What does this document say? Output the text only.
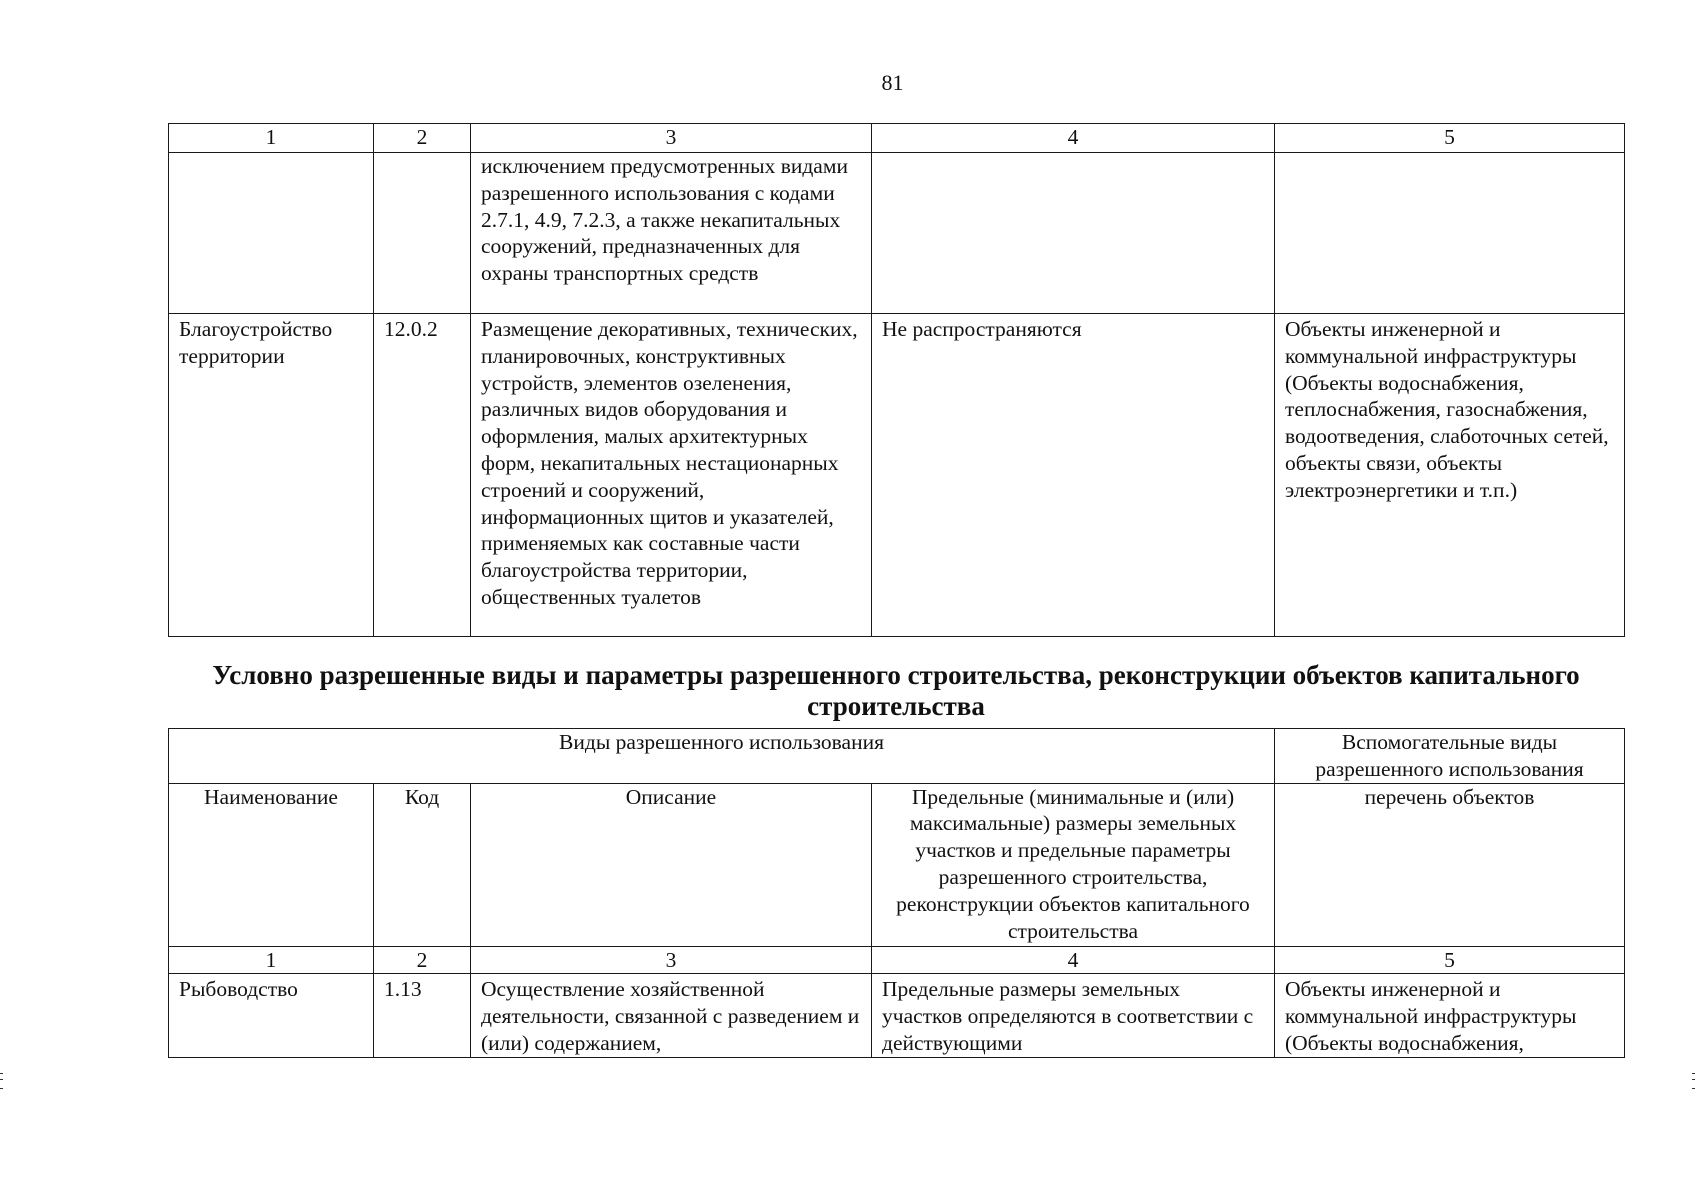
81
1	2	3	4	5
		исключением предусмотренных видами разрешенного использования с кодами 2.7.1, 4.9, 7.2.3, а также некапитальных сооружений, предназначенных для охраны транспортных средств		
Благоустройство территории	12.0.2	Размещение декоративных, технических, планировочных, конструктивных устройств, элементов озеленения, различных видов оборудования и оформления, малых архитектурных форм, некапитальных нестационарных строений и сооружений, информационных щитов и указателей, применяемых как составные части благоустройства территории, общественных туалетов	Не распространяются	Объекты инженерной и коммунальной инфраструктуры (Объекты водоснабжения, теплоснабжения, газоснабжения, водоотведения, слаботочных сетей, объекты связи, объекты электроэнергетики и т.п.)
Условно разрешенные виды и параметры разрешенного строительства, реконструкции объектов капитального строительства
Виды разрешенного использования				Вспомогательные виды разрешенного использования
Наименование	Код	Описание	Предельные (минимальные и (или) максимальные) размеры земельных участков и предельные параметры разрешенного строительства, реконструкции объектов капитального строительства	перечень объектов
1	2	3	4	5
Рыбоводство	1.13	Осуществление хозяйственной деятельности, связанной с разведением и (или) содержанием,	Предельные размеры земельных участков определяются в соответствии с действующими	Объекты инженерной и коммунальной инфраструктуры (Объекты водоснабжения,
